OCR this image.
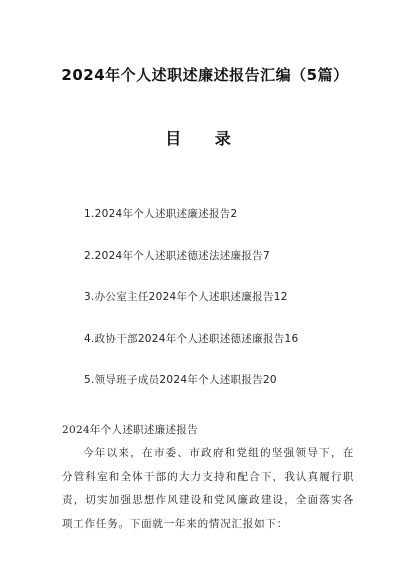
2024年个人述职述廉述报告汇编（5篇）
目 录
1.2024年个人述职述廉述报告2
2.2024年个人述职述德述法述廉报告7
3.办公室主任2024年个人述职述廉报告12
4.政协干部2024年个人述职述德述廉报告16
5.领导班子成员2024年个人述职报告20
2024年个人述职述廉述报告

今年以来，在市委、市政府和党组的坚强领导下，在分管科室和全体干部的大力支持和配合下，我认真履行职责，切实加强思想作风建设和党风廉政建设，全面落实各项工作任务。下面就一年来的情况汇报如下：
